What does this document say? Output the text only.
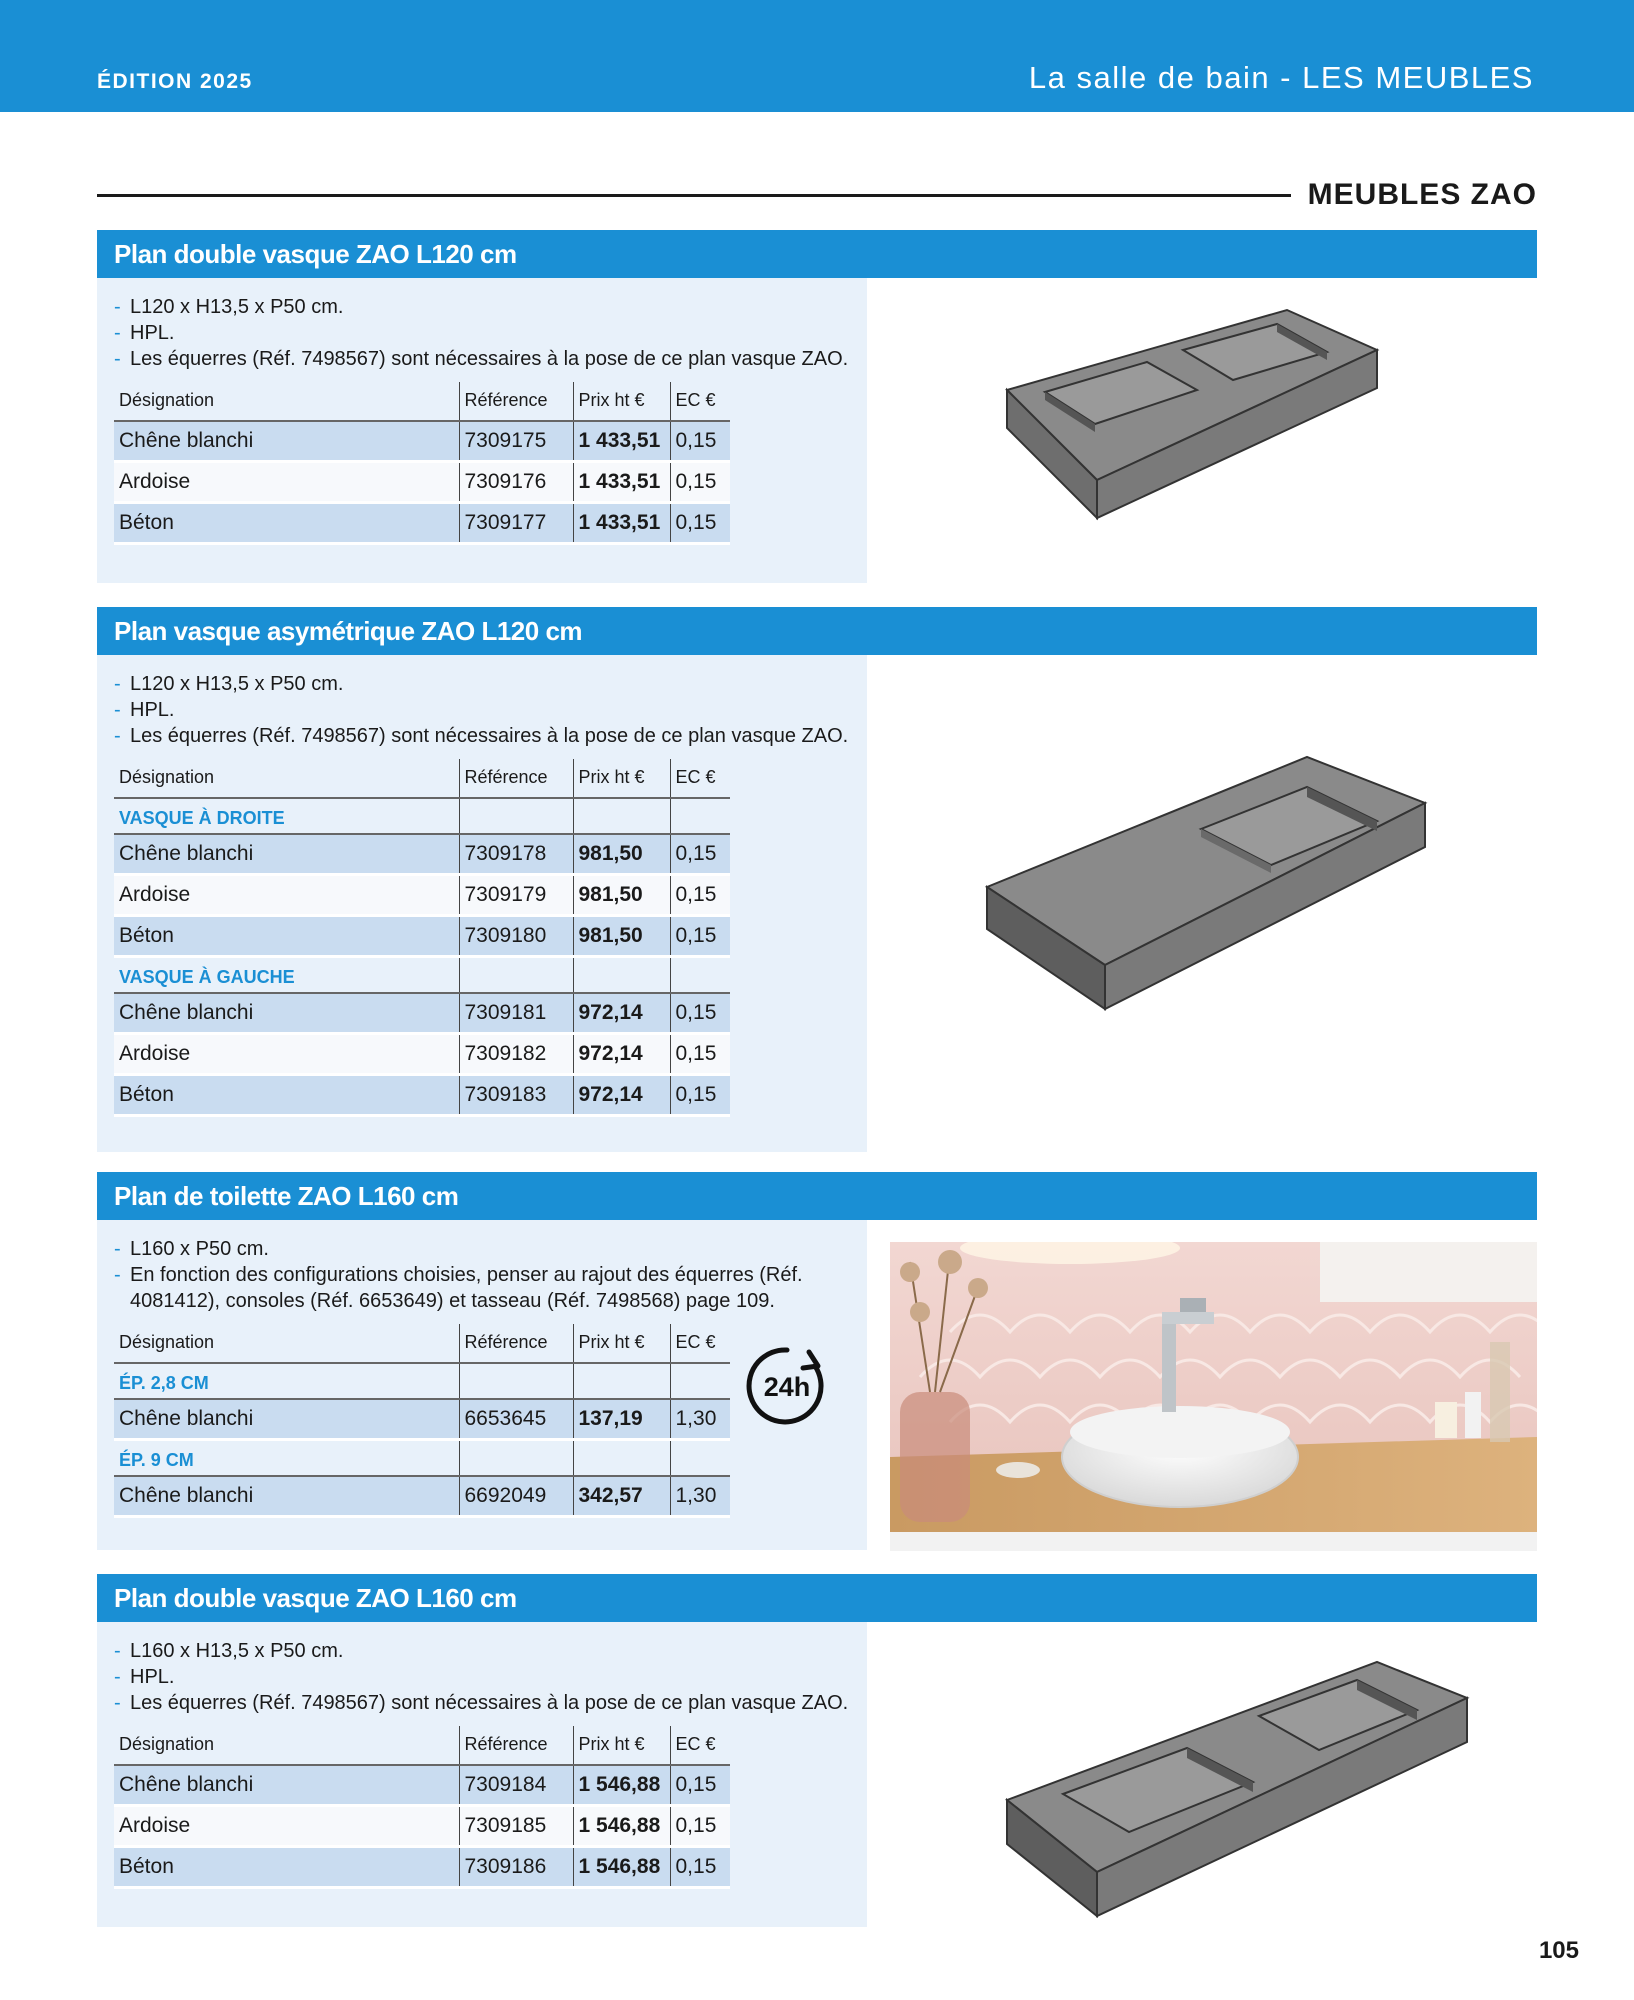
ÉDITION 2025	La salle de bain - LES MEUBLES
MEUBLES ZAO
Plan double vasque ZAO L120 cm
- L120 x H13,5 x P50 cm.
- HPL.
- Les équerres (Réf. 7498567) sont nécessaires à la pose de ce plan vasque ZAO.
Désignation	Référence	Prix ht €	EC €
Chêne blanchi	7309175	1 433,51	0,15
Ardoise	7309176	1 433,51	0,15
Béton	7309177	1 433,51	0,15
Plan vasque asymétrique ZAO L120 cm
- L120 x H13,5 x P50 cm.
- HPL.
- Les équerres (Réf. 7498567) sont nécessaires à la pose de ce plan vasque ZAO.
Désignation	Référence	Prix ht €	EC €
VASQUE À DROITE			
Chêne blanchi	7309178	981,50	0,15
Ardoise	7309179	981,50	0,15
Béton	7309180	981,50	0,15
VASQUE À GAUCHE			
Chêne blanchi	7309181	972,14	0,15
Ardoise	7309182	972,14	0,15
Béton	7309183	972,14	0,15
Plan de toilette ZAO L160 cm
- L160 x P50 cm.
- En fonction des configurations choisies, penser au rajout des équerres (Réf. 4081412), consoles (Réf. 6653649) et tasseau (Réf. 7498568) page 109.
Désignation	Référence	Prix ht €	EC €
ÉP. 2,8 CM			
Chêne blanchi	6653645	137,19	1,30
ÉP. 9 CM			
Chêne blanchi	6692049	342,57	1,30
24h
Plan double vasque ZAO L160 cm
- L160 x H13,5 x P50 cm.
- HPL.
- Les équerres (Réf. 7498567) sont nécessaires à la pose de ce plan vasque ZAO.
Désignation	Référence	Prix ht €	EC €
Chêne blanchi	7309184	1 546,88	0,15
Ardoise	7309185	1 546,88	0,15
Béton	7309186	1 546,88	0,15
105
